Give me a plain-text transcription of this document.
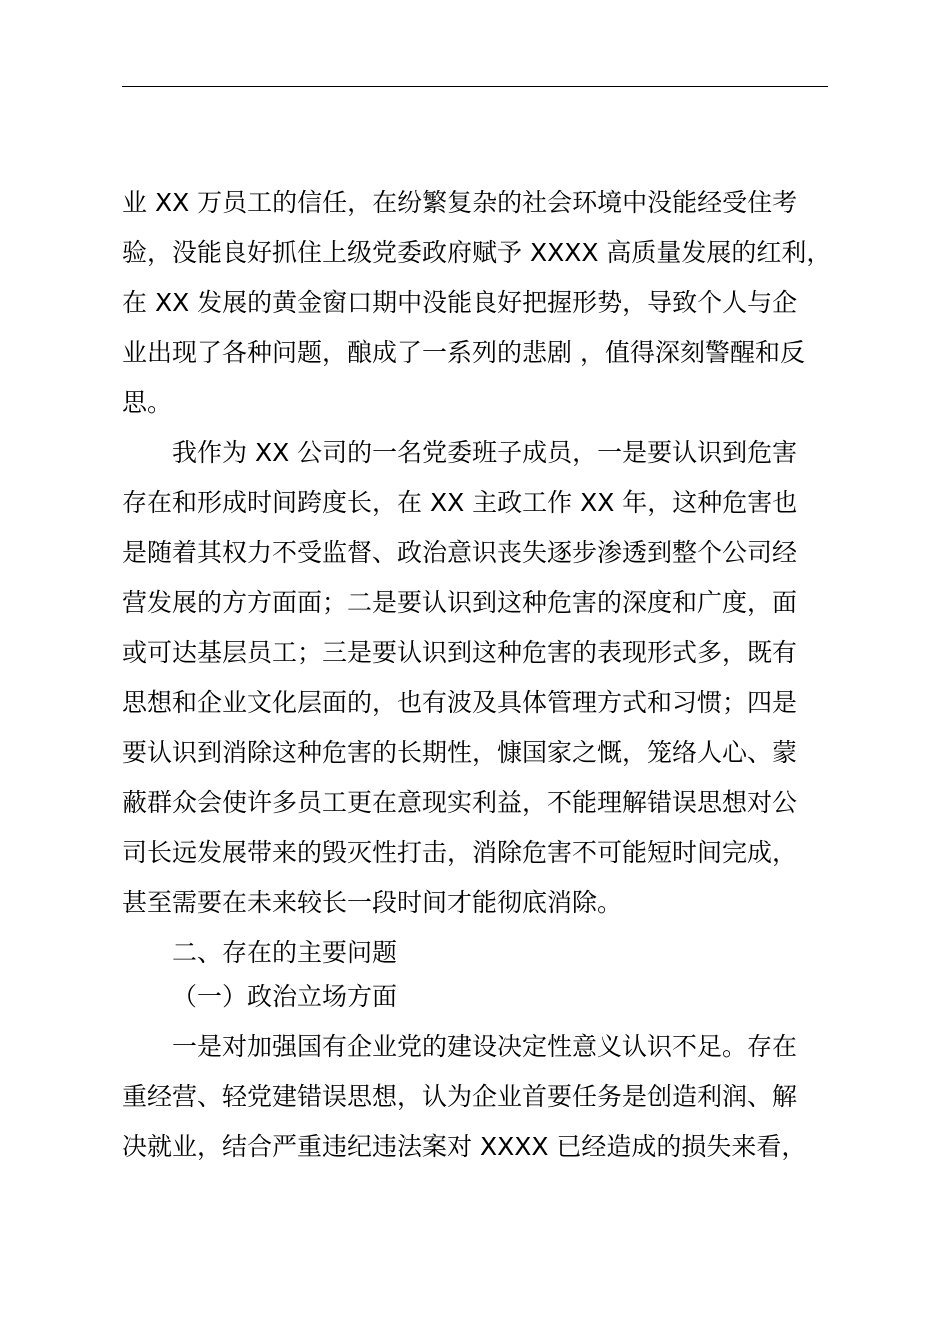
业 XX 万员工的信任，在纷繁复杂的社会环境中没能经受住考
验，没能良好抓住上级党委政府赋予 XXXX 高质量发展的红利，
在 XX 发展的黄金窗口期中没能良好把握形势，导致个人与企
业出现了各种问题，酿成了一系列的悲剧 ，值得深刻警醒和反
思。
我作为 XX 公司的一名党委班子成员，一是要认识到危害
存在和形成时间跨度长，在 XX 主政工作 XX 年，这种危害也
是随着其权力不受监督、政治意识丧失逐步渗透到整个公司经
营发展的方方面面；二是要认识到这种危害的深度和广度，面
或可达基层员工；三是要认识到这种危害的表现形式多，既有
思想和企业文化层面的，也有波及具体管理方式和习惯；四是
要认识到消除这种危害的长期性，慷国家之慨，笼络人心、蒙
蔽群众会使许多员工更在意现实利益，不能理解错误思想对公
司长远发展带来的毁灭性打击，消除危害不可能短时间完成，
甚至需要在未来较长一段时间才能彻底消除。
二、存在的主要问题
（一）政治立场方面
一是对加强国有企业党的建设决定性意义认识不足。存在
重经营、轻党建错误思想，认为企业首要任务是创造利润、解
决就业，结合严重违纪违法案对 XXXX 已经造成的损失来看，
